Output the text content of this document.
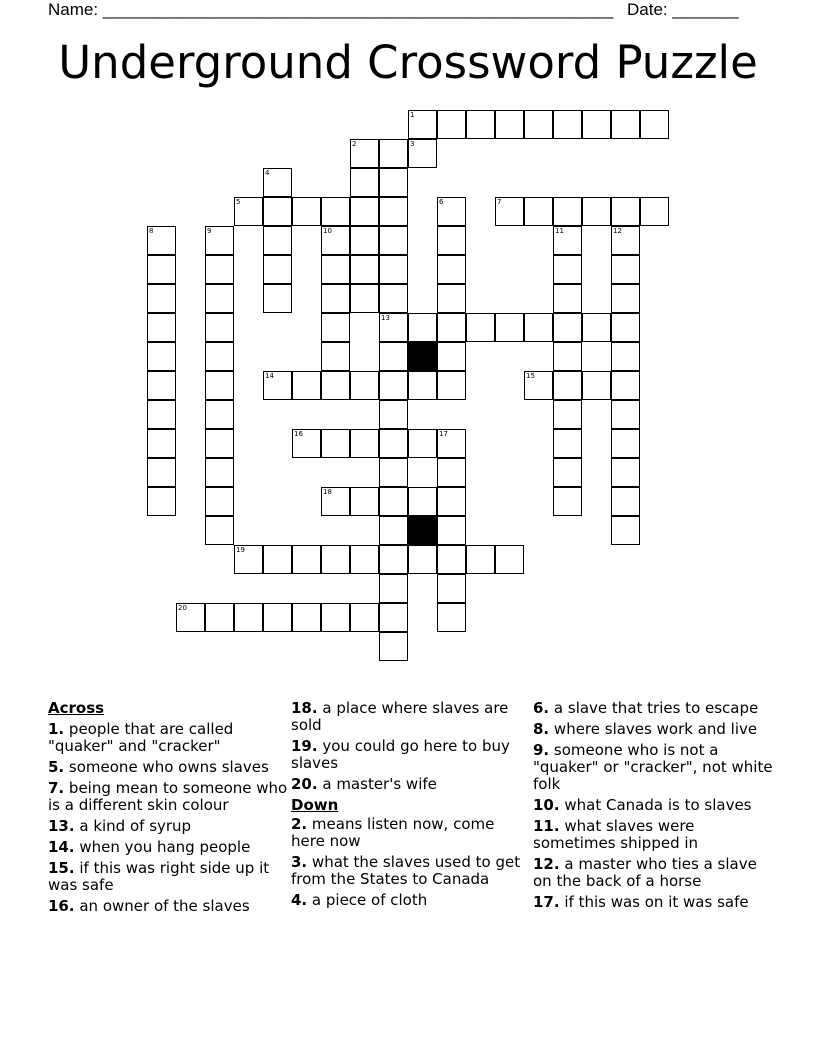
Name: ______________________________________________________ Date: _______
Underground Crossword Puzzle
1
2	3
4
5	6	7
8	9	10	11	12
13
14	15
16	17
18
19
20
Across
1. people that are called "quaker" and "cracker"
5. someone who owns slaves
7. being mean to someone who is a different skin colour
13. a kind of syrup
14. when you hang people
15. if this was right side up it was safe
16. an owner of the slaves
18. a place where slaves are sold
19. you could go here to buy slaves
20. a master's wife
Down
2. means listen now, come here now
3. what the slaves used to get from the States to Canada
4. a piece of cloth
6. a slave that tries to escape
8. where slaves work and live
9. someone who is not a "quaker" or "cracker", not white folk
10. what Canada is to slaves
11. what slaves were sometimes shipped in
12. a master who ties a slave on the back of a horse
17. if this was on it was safe
